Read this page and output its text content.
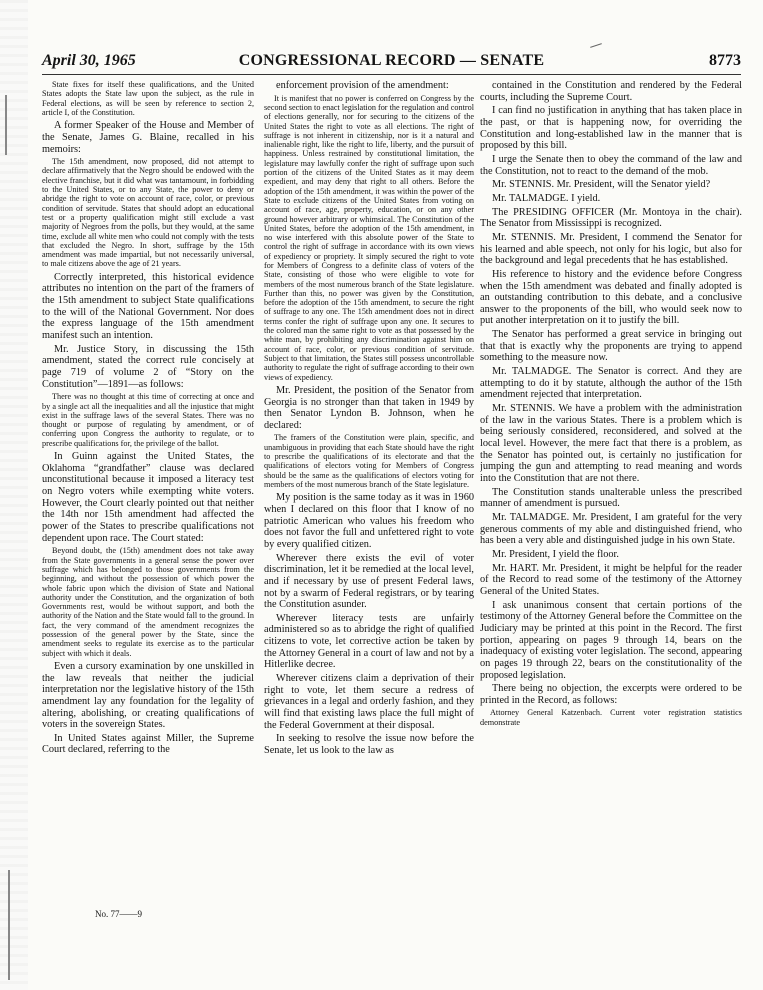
April 30, 1965	CONGRESSIONAL RECORD — SENATE	8773

State fixes for itself these qualifications, and the United States adopts the State law upon the subject, as the rule in Federal elections, as will be seen by reference to section 2, article I, of the Constitution.

A former Speaker of the House and Member of the Senate, James G. Blaine, recalled in his memoirs:

The 15th amendment, now proposed, did not attempt to declare affirmatively that the Negro should be endowed with the elective franchise, but it did what was tantamount, in forbidding to the United States, or to any State, the power to deny or abridge the right to vote on account of race, color, or previous condition of servitude. States that should adopt an educational test or a property qualification might still exclude a vast majority of Negroes from the polls, but they would, at the same time, exclude all white men who could not comply with the tests that excluded the Negro. In short, suffrage by the 15th amendment was made impartial, but not necessarily universal, to male citizens above the age of 21 years.

Correctly interpreted, this historical evidence attributes no intention on the part of the framers of the 15th amendment to subject State qualifications to the will of the National Government. Nor does the express language of the 15th amendment manifest such an intention.

Mr. Justice Story, in discussing the 15th amendment, stated the correct rule concisely at page 719 of volume 2 of “Story on the Constitution”—1891—as follows:

There was no thought at this time of correcting at once and by a single act all the inequalities and all the injustice that might exist in the suffrage laws of the several States. There was no thought or purpose of regulating by amendment, or of conferring upon Congress the authority to regulate, or to prescribe qualifications for, the privilege of the ballot.

In Guinn against the United States, the Oklahoma “grandfather” clause was declared unconstitutional because it imposed a literacy test on Negro voters while exempting white voters. However, the Court clearly pointed out that neither the 14th nor 15th amendment had affected the power of the States to prescribe qualifications not dependent upon race. The Court stated:

Beyond doubt, the (15th) amendment does not take away from the State governments in a general sense the power over suffrage which has belonged to those governments from the beginning, and without the possession of which power the whole fabric upon which the division of State and National authority under the Constitution, and the organization of both Governments rest, would be without support, and both the authority of the Nation and the State would fall to the ground. In fact, the very command of the amendment recognizes the possession of the general power by the State, since the amendment seeks to regulate its exercise as to the particular subject with which it deals.

Even a cursory examination by one unskilled in the law reveals that neither the judicial interpretation nor the legislative history of the 15th amendment lay any foundation for the legality of altering, abolishing, or creating qualifications of voters in the sovereign States.

In United States against Miller, the Supreme Court declared, referring to the

enforcement provision of the amendment:

It is manifest that no power is conferred on Congress by the second section to enact legislation for the regulation and control of elections generally, nor for securing to the citizens of the United States the right to vote as all elections. The right of suffrage is not inherent in citizenship, nor is it a natural and inalienable right, like the right to life, liberty, and the pursuit of happiness. Unless restrained by constitutional limitation, the legislature may lawfully confer the right of suffrage upon such portion of the citizens of the United States as it may deem expedient, and may deny that right to all others. Before the adoption of the 15th amendment, it was within the power of the State to exclude citizens of the United States from voting on account of race, age, property, education, or on any other ground however arbitrary or whimsical. The Constitution of the United States, before the adoption of the 15th amendment, in no wise interfered with this absolute power of the State to control the right of suffrage in accordance with its own views of expediency or propriety. It simply secured the right to vote for Members of Congress to a definite class of voters of the State, consisting of those who were eligible to vote for members of the most numerous branch of the State legislature. Further than this, no power was given by the Constitution, before the adoption of the 15th amendment, to secure the right of suffrage to any one. The 15th amendment does not in direct terms confer the right of suffrage upon any one. It secures to the colored man the same right to vote as that possessed by the white man, by prohibiting any discrimination against him on account of race, color, or previous condition of servitude. Subject to that limitation, the States still possess uncontrollable authority to regulate the right of suffrage according to their own views of expediency.

Mr. President, the position of the Senator from Georgia is no stronger than that taken in 1949 by then Senator Lyndon B. Johnson, when he declared:

The framers of the Constitution were plain, specific, and unambiguous in providing that each State should have the right to prescribe the qualifications of its electorate and that the qualifications of electors voting for Members of Congress should be the same as the qualifications of electors voting for members of the most numerous branch of the State legislature.

My position is the same today as it was in 1960 when I declared on this floor that I know of no patriotic American who values his freedom who does not favor the full and unfettered right to vote by every qualified citizen.

Wherever there exists the evil of voter discrimination, let it be remedied at the local level, and if necessary by use of present Federal laws, not by a swarm of Federal registrars, or by tearing the Constitution asunder.

Wherever literacy tests are unfairly administered so as to abridge the right of qualified citizens to vote, let corrective action be taken by the Attorney General in a court of law and not by a Hitlerlike decree.

Wherever citizens claim a deprivation of their right to vote, let them secure a redress of grievances in a legal and orderly fashion, and they will find that existing laws place the full might of the Federal Government at their disposal.

In seeking to resolve the issue now before the Senate, let us look to the law as

contained in the Constitution and rendered by the Federal courts, including the Supreme Court.

I can find no justification in anything that has taken place in the past, or that is happening now, for overriding the Constitution and long-established law in the manner that is proposed by this bill.

I urge the Senate then to obey the command of the law and the Constitution, not to react to the demand of the mob.

Mr. STENNIS. Mr. President, will the Senator yield?

Mr. TALMADGE. I yield.

The PRESIDING OFFICER (Mr. Montoya in the chair). The Senator from Mississippi is recognized.

Mr. STENNIS. Mr. President, I commend the Senator for his learned and able speech, not only for his logic, but also for the background and legal precedents that he has established.

His reference to history and the evidence before Congress when the 15th amendment was debated and finally adopted is an outstanding contribution to this debate, and a conclusive answer to the proponents of the bill, who would seek now to put another interpretation on it to justify the bill.

The Senator has performed a great service in bringing out that that is exactly why the proponents are trying to append something to the measure now.

Mr. TALMADGE. The Senator is correct. And they are attempting to do it by statute, although the author of the 15th amendment rejected that interpretation.

Mr. STENNIS. We have a problem with the administration of the law in the various States. There is a problem which is being seriously considered, reconsidered, and solved at the local level. However, the mere fact that there is a problem, as the Senator has pointed out, is certainly no justification for jumping the gun and attempting to read meaning and words into the Constitution that are not there.

The Constitution stands unalterable unless the prescribed manner of amendment is pursued.

Mr. TALMADGE. Mr. President, I am grateful for the very generous comments of my able and distinguished friend, who has been a very able and distinguished judge in his own State.

Mr. President, I yield the floor.

Mr. HART. Mr. President, it might be helpful for the reader of the Record to read some of the testimony of the Attorney General of the United States.

I ask unanimous consent that certain portions of the testimony of the Attorney General before the Committee on the Judiciary may be printed at this point in the Record. The first portion, appearing on pages 9 through 14, bears on the inadequacy of existing voter legislation. The second, appearing on pages 19 through 22, bears on the constitutionality of the proposed legislation.

There being no objection, the excerpts were ordered to be printed in the Record, as follows:

Attorney General Katzenbach. Current voter registration statistics demonstrate

No. 77——9
